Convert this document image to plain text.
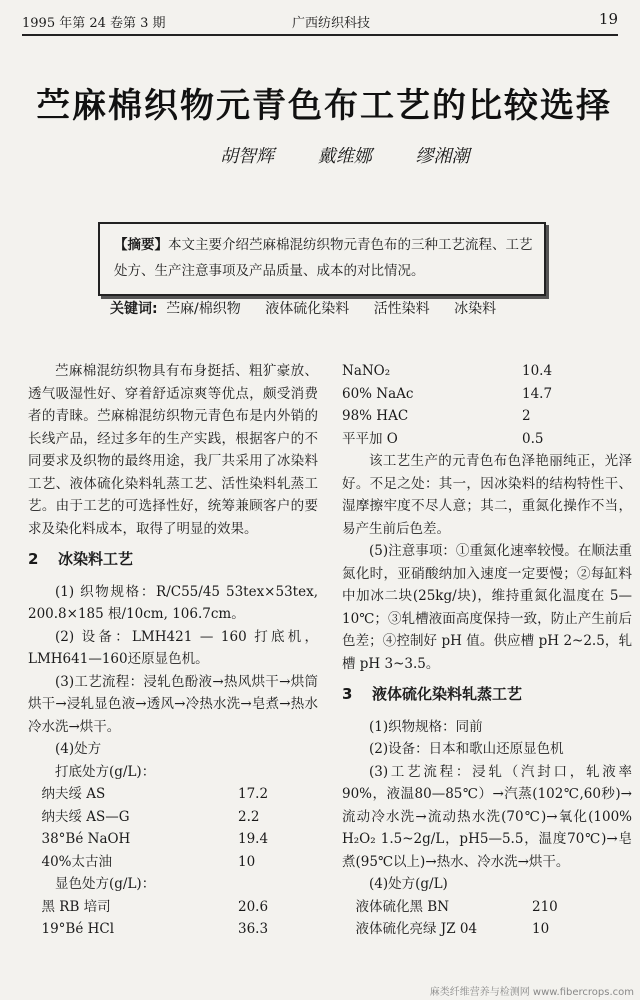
1995 年第 24 卷第 3 期	广西纺织科技	19
苎麻棉织物元青色布工艺的比较选择
胡智辉 戴维娜 缪湘潮
【摘要】本文主要介绍苎麻棉混纺织物元青色布的三种工艺流程、工艺处方、生产注意事项及产品质量、成本的对比情况。
关键词: 苎麻/棉织物 液体硫化染料 活性染料 冰染料

苎麻棉混纺织物具有布身挺括、粗犷豪放、透气吸湿性好、穿着舒适凉爽等优点，颇受消费者的青睐。苎麻棉混纺织物元青色布是内外销的长线产品，经过多年的生产实践，根据客户的不同要求及织物的最终用途，我厂共采用了冰染料工艺、液体硫化染料轧蒸工艺、活性染料轧蒸工艺。由于工艺的可选择性好，统筹兼顾客户的要求及染化料成本，取得了明显的效果。

2 冰染料工艺

(1) 织物规格：R/C55/45 53tex×53tex, 200.8×185 根/10cm, 106.7cm。

(2) 设备：LMH421 — 160 打底机，LMH641—160还原显色机。

(3)工艺流程：浸轧色酚液→热风烘干→烘筒烘干→浸轧显色液→透风→冷热水洗→皂煮→热水冷水洗→烘干。

(4)处方

打底处方(g/L)：

纳夫绥 AS	17.2
纳夫绥 AS—G	2.2
38°Bé NaOH	19.4
40%太古油	10

显色处方(g/L)：

黑 RB 培司	20.6
19°Bé HCl	36.3
NaNO₂	10.4
60% NaAc	14.7
98% HAC	2
平平加 O	0.5

该工艺生产的元青色布色泽艳丽纯正，光泽好。不足之处：其一，因冰染料的结构特性干、湿摩擦牢度不尽人意；其二，重氮化操作不当，易产生前后色差。

(5)注意事项：①重氮化速率较慢。在顺法重氮化时，亚硝酸纳加入速度一定要慢；②每缸料中加冰二块(25kg/块)，维持重氮化温度在 5—10℃；③轧槽液面高度保持一致，防止产生前后色差；④控制好 pH 值。供应槽 pH 2~2.5，轧槽 pH 3~3.5。

3 液体硫化染料轧蒸工艺

(1)织物规格：同前

(2)设备：日本和歌山还原显色机

(3)工艺流程：浸轧（汽封口，轧液率90%，液温80—85℃）→汽蒸(102℃,60秒)→流动冷水洗→流动热水洗(70℃)→氧化(100% H₂O₂ 1.5~2g/L，pH5—5.5，温度70℃)→皂煮(95℃以上)→热水、冷水洗→烘干。

(4)处方(g/L)

液体硫化黑 BN	210
液体硫化亮绿 JZ 04	10
麻类纤维营养与检测网 www.fibercrops.com
